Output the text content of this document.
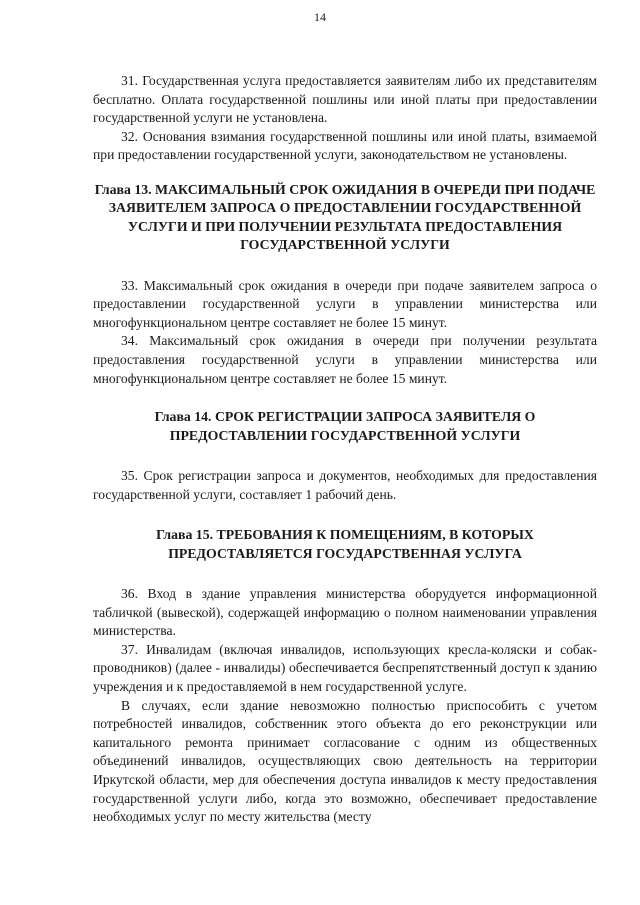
14

31. Государственная услуга предоставляется заявителям либо их представителям бесплатно. Оплата государственной пошлины или иной платы при предоставлении государственной услуги не установлена.

32. Основания взимания государственной пошлины или иной платы, взимаемой при предоставлении государственной услуги, законодательством не установлены.

Глава 13. МАКСИМАЛЬНЫЙ СРОК ОЖИДАНИЯ В ОЧЕРЕДИ ПРИ ПОДАЧЕ ЗАЯВИТЕЛЕМ ЗАПРОСА О ПРЕДОСТАВЛЕНИИ ГОСУДАРСТВЕННОЙ УСЛУГИ И ПРИ ПОЛУЧЕНИИ РЕЗУЛЬТАТА ПРЕДОСТАВЛЕНИЯ ГОСУДАРСТВЕННОЙ УСЛУГИ

33. Максимальный срок ожидания в очереди при подаче заявителем запроса о предоставлении государственной услуги в управлении министерства или многофункциональном центре составляет не более 15 минут.

34. Максимальный срок ожидания в очереди при получении результата предоставления государственной услуги в управлении министерства или многофункциональном центре составляет не более 15 минут.

Глава 14. СРОК РЕГИСТРАЦИИ ЗАПРОСА ЗАЯВИТЕЛЯ О ПРЕДОСТАВЛЕНИИ ГОСУДАРСТВЕННОЙ УСЛУГИ

35. Срок регистрации запроса и документов, необходимых для предоставления государственной услуги, составляет 1 рабочий день.

Глава 15. ТРЕБОВАНИЯ К ПОМЕЩЕНИЯМ, В КОТОРЫХ ПРЕДОСТАВЛЯЕТСЯ ГОСУДАРСТВЕННАЯ УСЛУГА

36. Вход в здание управления министерства оборудуется информационной табличкой (вывеской), содержащей информацию о полном наименовании управления министерства.

37. Инвалидам (включая инвалидов, использующих кресла-коляски и собак-проводников) (далее - инвалиды) обеспечивается беспрепятственный доступ к зданию учреждения и к предоставляемой в нем государственной услуге.

В случаях, если здание невозможно полностью приспособить с учетом потребностей инвалидов, собственник этого объекта до его реконструкции или капитального ремонта принимает согласование с одним из общественных объединений инвалидов, осуществляющих свою деятельность на территории Иркутской области, мер для обеспечения доступа инвалидов к месту предоставления государственной услуги либо, когда это возможно, обеспечивает предоставление необходимых услуг по месту жительства (месту
